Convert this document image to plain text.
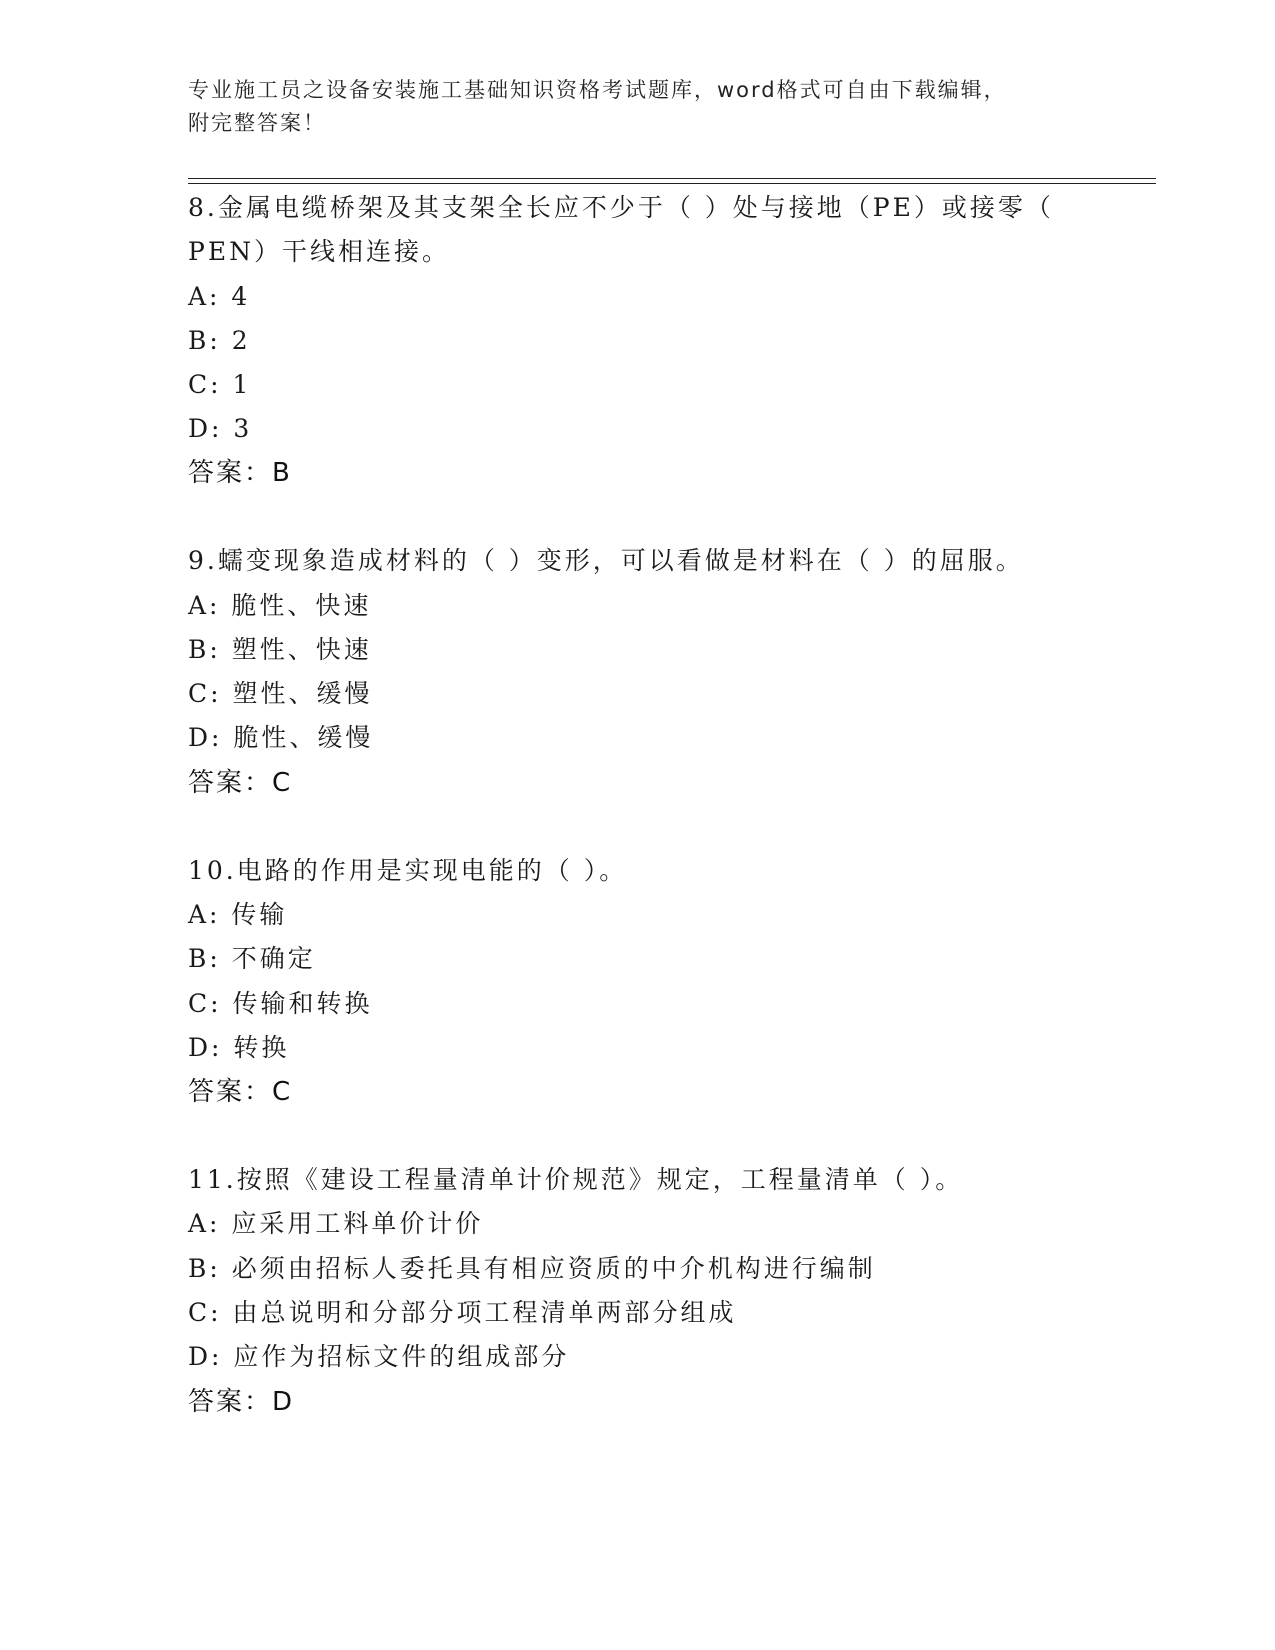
专业施工员之设备安装施工基础知识资格考试题库，word格式可自由下载编辑，
附完整答案！
8.金属电缆桥架及其支架全长应不少于（ ）处与接地（PE）或接零（
PEN）干线相连接。
A: 4
B: 2
C: 1
D: 3
答案：B
9.蠕变现象造成材料的（ ）变形，可以看做是材料在（ ）的屈服。
A: 脆性、快速
B: 塑性、快速
C: 塑性、缓慢
D: 脆性、缓慢
答案：C
10.电路的作用是实现电能的（ ）。
A: 传输
B: 不确定
C: 传输和转换
D: 转换
答案：C
11.按照《建设工程量清单计价规范》规定，工程量清单（ ）。
A: 应采用工料单价计价
B: 必须由招标人委托具有相应资质的中介机构进行编制
C: 由总说明和分部分项工程清单两部分组成
D: 应作为招标文件的组成部分
答案：D
